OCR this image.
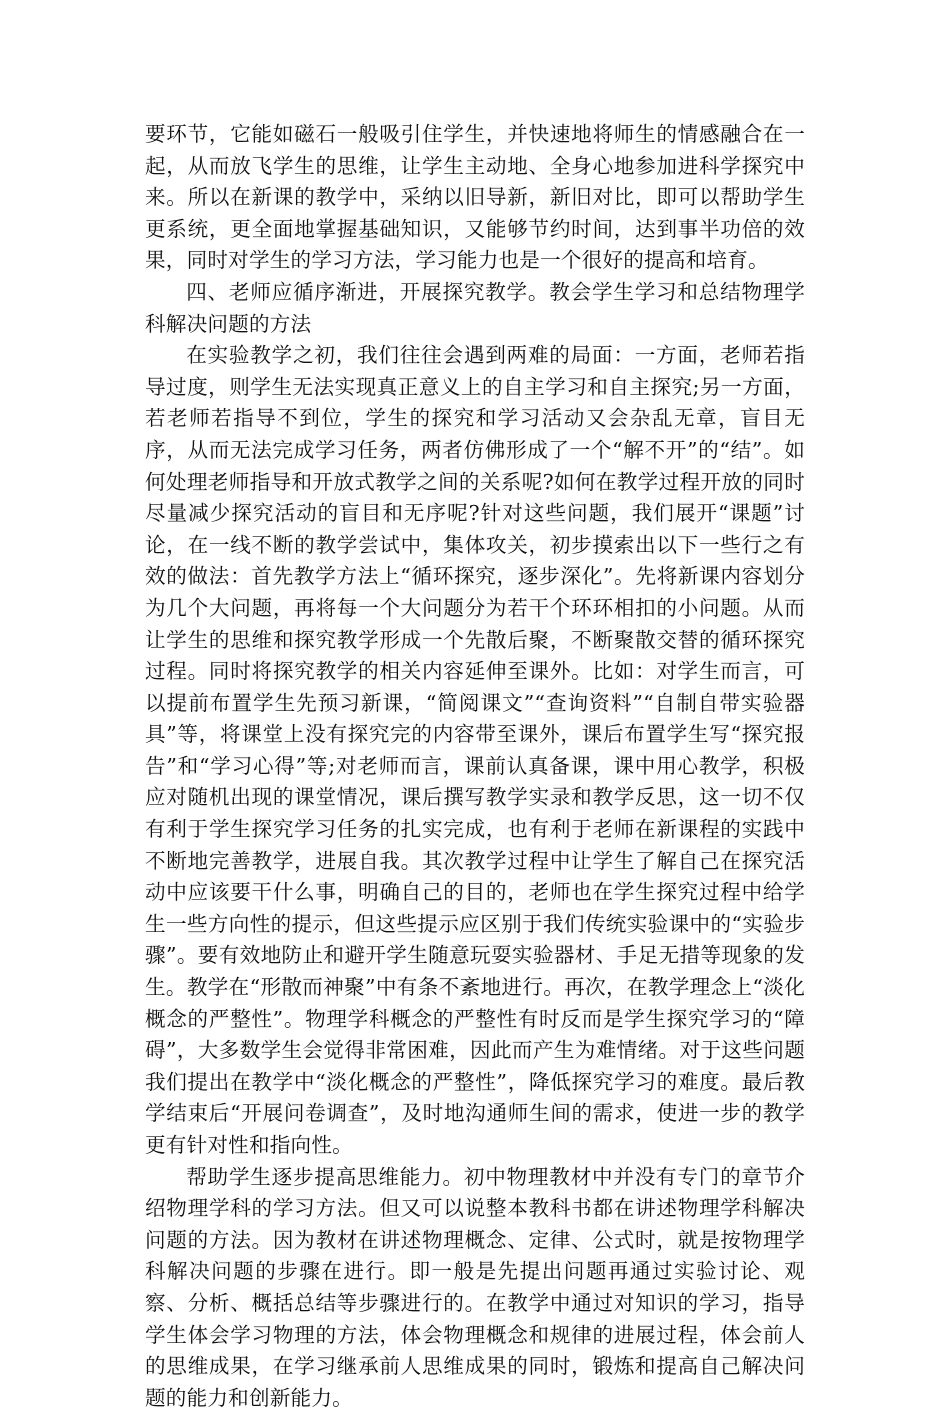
要环节，它能如磁石一般吸引住学生，并快速地将师生的情感融合在一起，从而放飞学生的思维，让学生主动地、全身心地参加进科学探究中来。所以在新课的教学中，采纳以旧导新，新旧对比，即可以帮助学生更系统，更全面地掌握基础知识，又能够节约时间，达到事半功倍的效果，同时对学生的学习方法，学习能力也是一个很好的提高和培育。

四、老师应循序渐进，开展探究教学。教会学生学习和总结物理学科解决问题的方法

在实验教学之初，我们往往会遇到两难的局面：一方面，老师若指导过度，则学生无法实现真正意义上的自主学习和自主探究;另一方面，若老师若指导不到位，学生的探究和学习活动又会杂乱无章，盲目无序，从而无法完成学习任务，两者仿佛形成了一个“解不开”的“结”。如何处理老师指导和开放式教学之间的关系呢?如何在教学过程开放的同时尽量减少探究活动的盲目和无序呢?针对这些问题，我们展开“课题”讨论，在一线不断的教学尝试中，集体攻关，初步摸索出以下一些行之有效的做法：首先教学方法上“循环探究，逐步深化”。先将新课内容划分为几个大问题，再将每一个大问题分为若干个环环相扣的小问题。从而让学生的思维和探究教学形成一个先散后聚，不断聚散交替的循环探究过程。同时将探究教学的相关内容延伸至课外。比如：对学生而言，可以提前布置学生先预习新课，“简阅课文”“查询资料”“自制自带实验器具”等，将课堂上没有探究完的内容带至课外，课后布置学生写“探究报告”和“学习心得”等;对老师而言，课前认真备课，课中用心教学，积极应对随机出现的课堂情况，课后撰写教学实录和教学反思，这一切不仅有利于学生探究学习任务的扎实完成，也有利于老师在新课程的实践中不断地完善教学，进展自我。其次教学过程中让学生了解自己在探究活动中应该要干什么事，明确自己的目的，老师也在学生探究过程中给学生一些方向性的提示，但这些提示应区别于我们传统实验课中的“实验步骤”。要有效地防止和避开学生随意玩耍实验器材、手足无措等现象的发生。教学在“形散而神聚”中有条不紊地进行。再次，在教学理念上“淡化概念的严整性”。物理学科概念的严整性有时反而是学生探究学习的“障碍”，大多数学生会觉得非常困难，因此而产生为难情绪。对于这些问题我们提出在教学中“淡化概念的严整性”，降低探究学习的难度。最后教学结束后“开展问卷调查”，及时地沟通师生间的需求，使进一步的教学更有针对性和指向性。

帮助学生逐步提高思维能力。初中物理教材中并没有专门的章节介绍物理学科的学习方法。但又可以说整本教科书都在讲述物理学科解决问题的方法。因为教材在讲述物理概念、定律、公式时，就是按物理学科解决问题的步骤在进行。即一般是先提出问题再通过实验讨论、观察、分析、概括总结等步骤进行的。在教学中通过对知识的学习，指导学生体会学习物理的方法，体会物理概念和规律的进展过程，体会前人的思维成果，在学习继承前人思维成果的同时，锻炼和提高自己解决问题的能力和创新能力。
